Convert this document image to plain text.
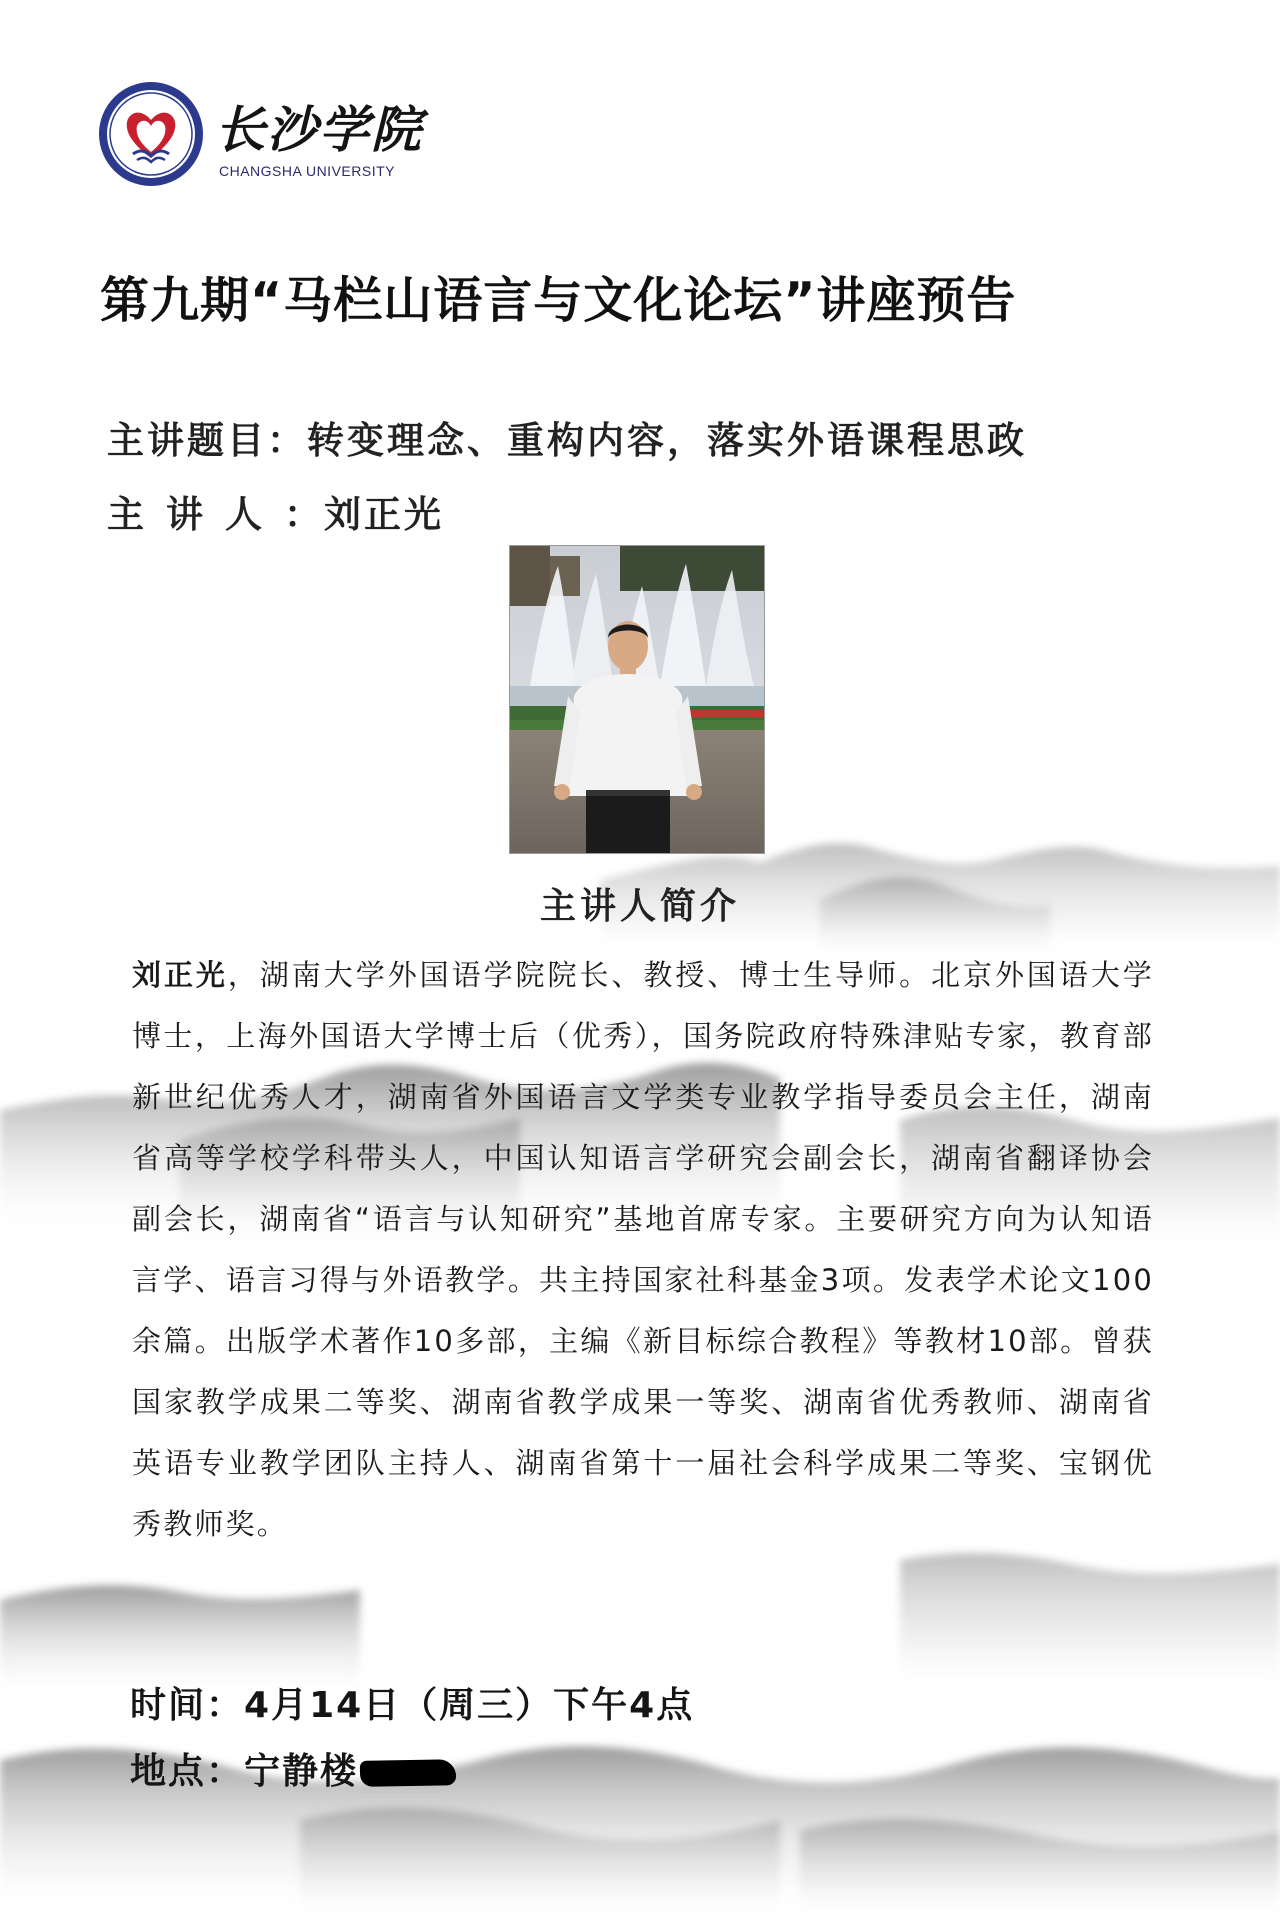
长沙学院
CHANGSHA UNIVERSITY
第九期“马栏山语言与文化论坛”讲座预告
主讲题目：转变理念、重构内容，落实外语课程思政
主讲人：刘正光
主讲人简介

刘正光，湖南大学外国语学院院长、教授、博士生导师。北京外国语大学博士，上海外国语大学博士后（优秀），国务院政府特殊津贴专家，教育部新世纪优秀人才，湖南省外国语言文学类专业教学指导委员会主任，湖南省高等学校学科带头人，中国认知语言学研究会副会长，湖南省翻译协会副会长，湖南省“语言与认知研究”基地首席专家。主要研究方向为认知语言学、语言习得与外语教学。共主持国家社科基金3项。发表学术论文100余篇。出版学术著作10多部，主编《新目标综合教程》等教材10部。曾获国家教学成果二等奖、湖南省教学成果一等奖、湖南省优秀教师、湖南省英语专业教学团队主持人、湖南省第十一届社会科学成果二等奖、宝钢优秀教师奖。

时间：4月14日（周三）下午4点
地点：宁静楼
